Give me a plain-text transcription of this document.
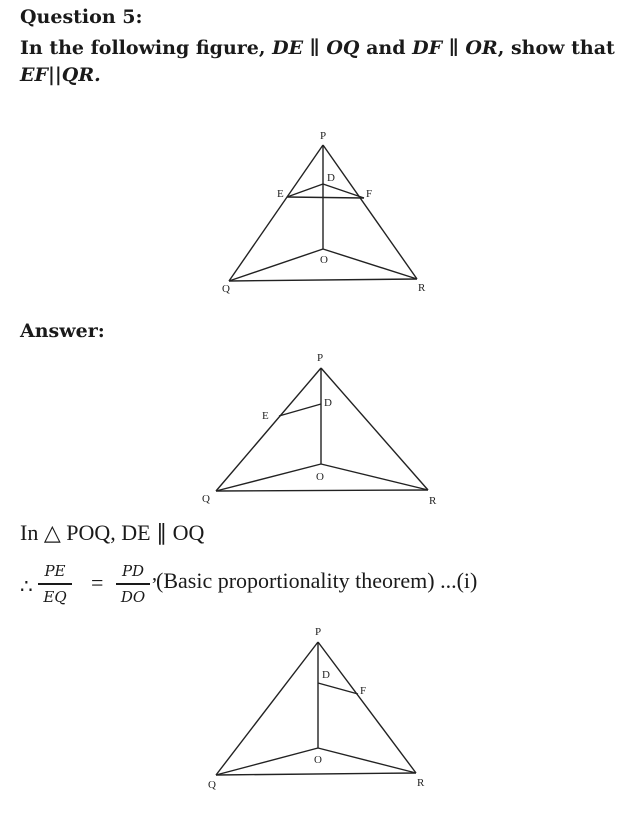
Question 5:
In the following figure, DE ∥ OQ and DF ∥ OR, show that
EF||QR.
P
D
E	F
O
Q	R
Answer:
P
D
E
O
Q	R
In △ POQ, DE ∥ OQ
∴
PE
EQ
=	PD
DO
’
(Basic proportionality theorem) ...(i)
P
D
F
O
Q	R
